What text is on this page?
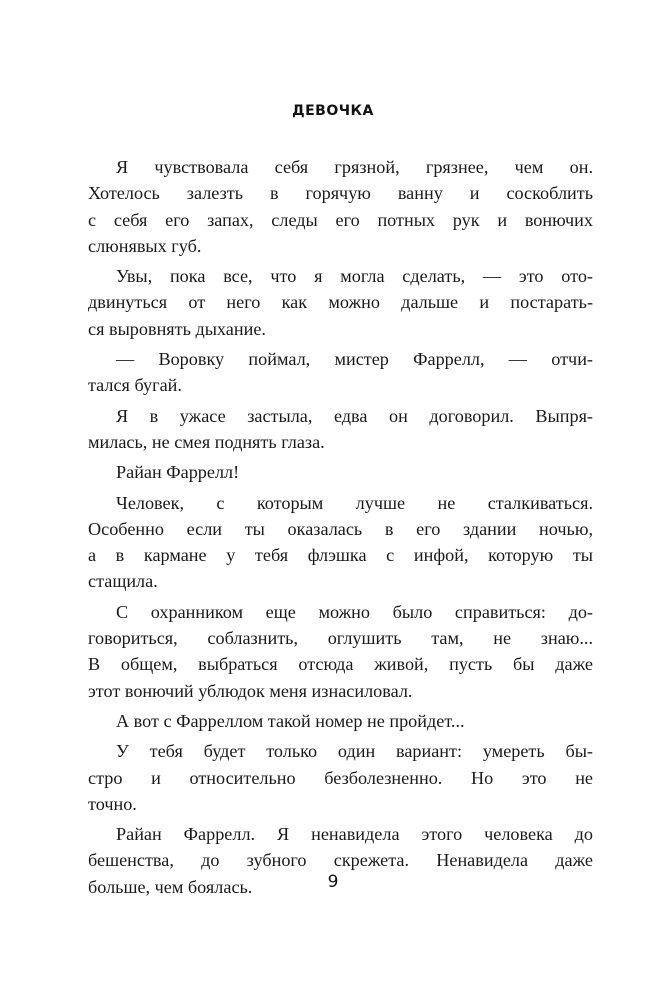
ДЕВОЧКА
Я чувствовала себя грязной, грязнее, чем он.
Хотелось залезть в горячую ванну и соскоблить
с себя его запах, следы его потных рук и вонючих
слюнявых губ.
Увы, пока все, что я могла сделать, — это ото-
двинуться от него как можно дальше и постарать-
ся выровнять дыхание.
— Воровку поймал, мистер Фаррелл, — отчи-
тался бугай.
Я в ужасе застыла, едва он договорил. Выпря-
милась, не смея поднять глаза.
Райан Фаррелл!
Человек, с которым лучше не сталкиваться.
Особенно если ты оказалась в его здании ночью,
а в кармане у тебя флэшка с инфой, которую ты
стащила.
С охранником еще можно было справиться: до-
говориться, соблазнить, оглушить там, не знаю...
В общем, выбраться отсюда живой, пусть бы даже
этот вонючий ублюдок меня изнасиловал.
А вот с Фарреллом такой номер не пройдет...
У тебя будет только один вариант: умереть бы-
стро и относительно безболезненно. Но это не
точно.
Райан Фаррелл. Я ненавидела этого человека до
бешенства, до зубного скрежета. Ненавидела даже
больше, чем боялась.	9
